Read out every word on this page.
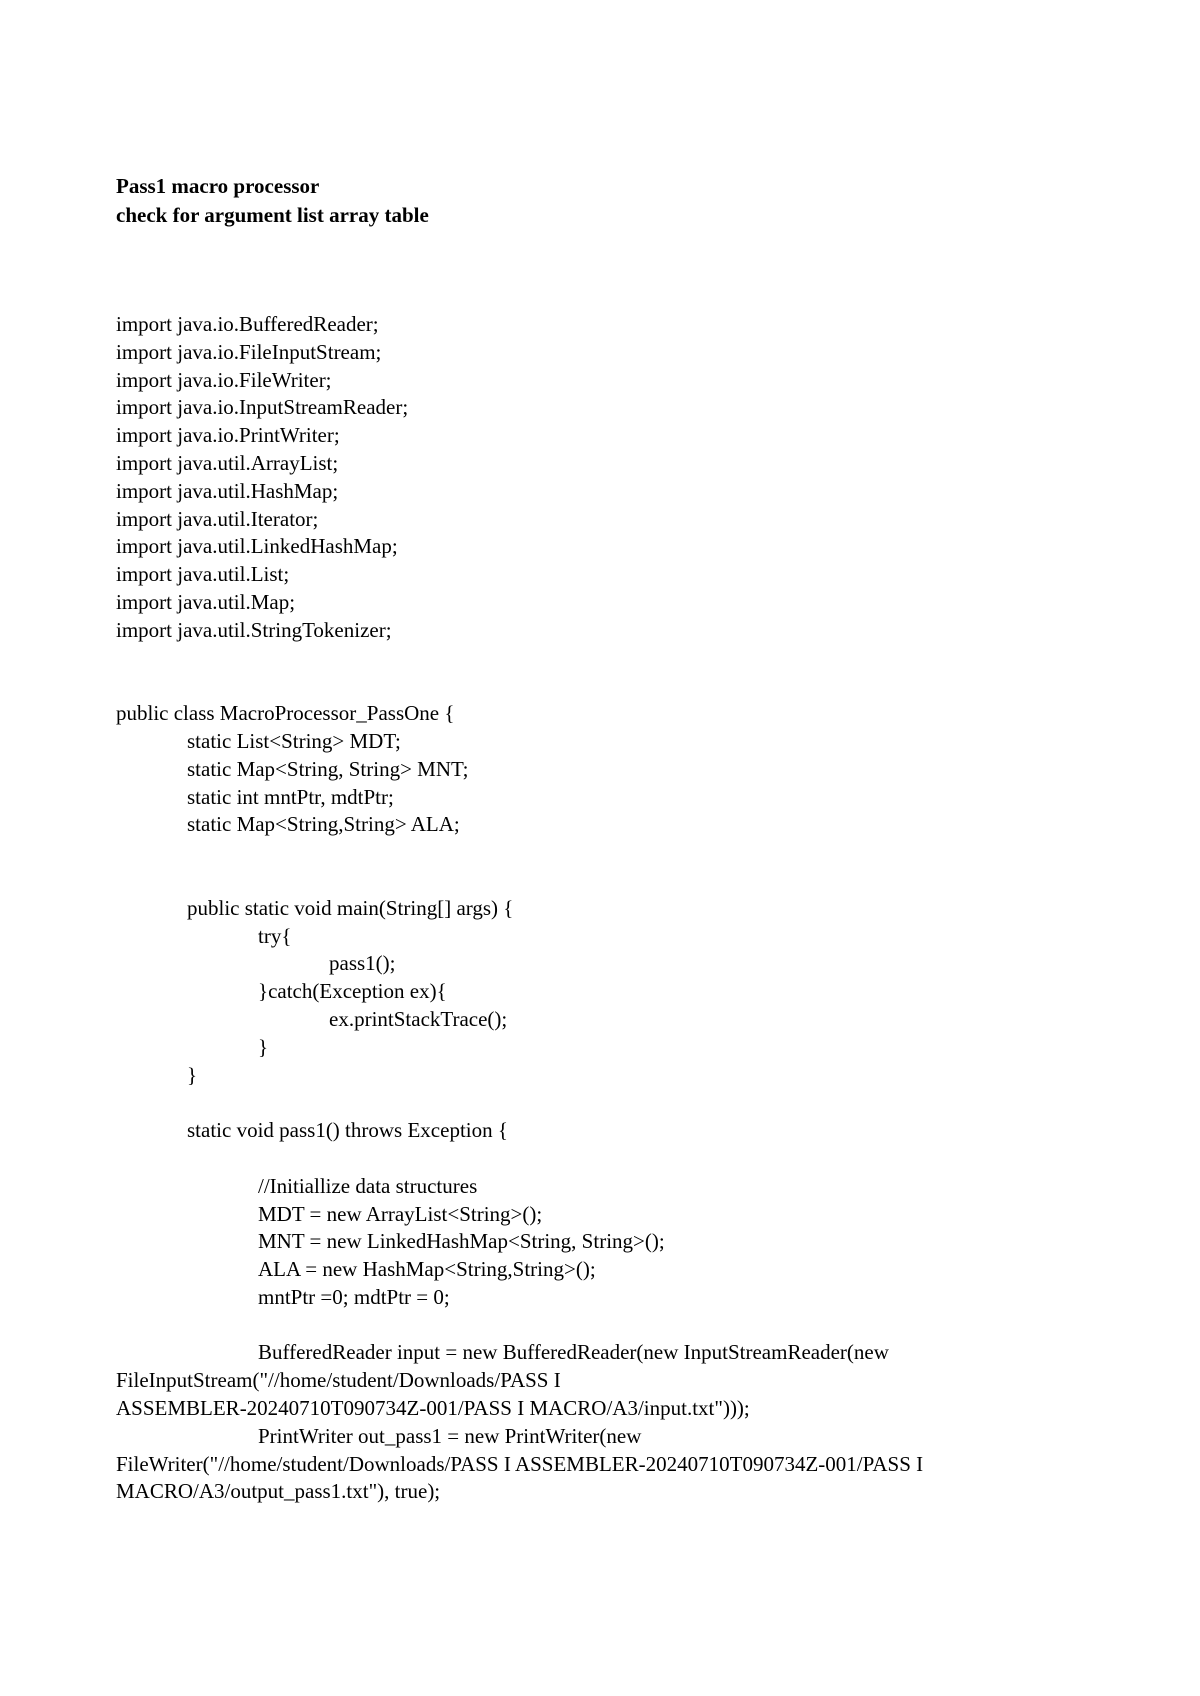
Pass1 macro processor
check for argument list array table
import java.io.BufferedReader;
import java.io.FileInputStream;
import java.io.FileWriter;
import java.io.InputStreamReader;
import java.io.PrintWriter;
import java.util.ArrayList;
import java.util.HashMap;
import java.util.Iterator;
import java.util.LinkedHashMap;
import java.util.List;
import java.util.Map;
import java.util.StringTokenizer;
public class MacroProcessor_PassOne {
static List<String> MDT;
static Map<String, String> MNT;
static int mntPtr, mdtPtr;
static Map<String,String> ALA;
public static void main(String[] args) {
try{
pass1();
}catch(Exception ex){
ex.printStackTrace();
}
}
static void pass1() throws Exception {
//Initiallize data structures
MDT = new ArrayList<String>();
MNT = new LinkedHashMap<String, String>();
ALA = new HashMap<String,String>();
mntPtr =0; mdtPtr = 0;
BufferedReader input = new BufferedReader(new InputStreamReader(new
FileInputStream("//home/student/Downloads/PASS I
ASSEMBLER-20240710T090734Z-001/PASS I MACRO/A3/input.txt")));
PrintWriter out_pass1 = new PrintWriter(new
FileWriter("//home/student/Downloads/PASS I ASSEMBLER-20240710T090734Z-001/PASS I
MACRO/A3/output_pass1.txt"), true);
